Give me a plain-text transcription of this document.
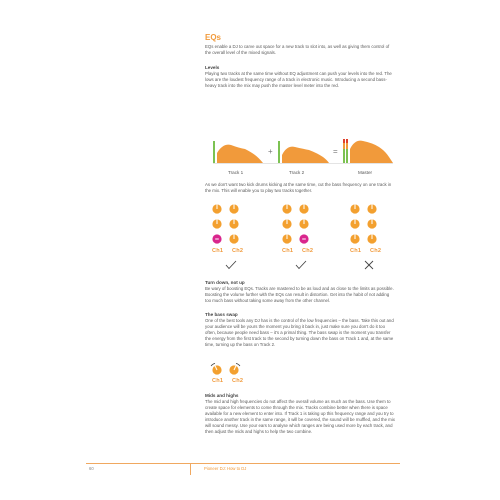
EQs

EQs enable a DJ to carve out space for a new track to slot into, as well as giving them control of the overall level of the mixed signals.

Levels

Playing two tracks at the same time without EQ adjustment can push your levels into the red. The lows are the loudest frequency range of a track in electronic music. Introducing a second bass-heavy track into the mix may push the master level meter into the red.

+	=
Track 1	Track 2	Master

As we don't want two kick drums kicking at the same time, cut the bass frequency on one track in the mix. This will enable you to play two tracks together.

Ch1 Ch2	Ch1 Ch2	Ch1 Ch2

Turn down, not up

Be wary of boosting EQs. Tracks are mastered to be as loud and as close to the limits as possible. Boosting the volume further with the EQs can result in distortion. Get into the habit of not adding too much bass without taking some away from the other channel.

The bass swap

One of the best tools any DJ has is the control of the low frequencies – the bass. Take this out and your audience will be yours the moment you bring it back in, just make sure you don't do it too often, because people need bass – it's a primal thing. The bass swap is the moment you transfer the energy from the first track to the second by turning down the bass on Track 1 and, at the same time, turning up the bass on Track 2.

Ch1 Ch2

Mids and highs

The mid and high frequencies do not affect the overall volume as much as the bass. Use them to create space for elements to come through the mix. Tracks combine better when there is space available for a new element to enter into. If Track 1 is taking up this frequency range and you try to introduce another track in the same range, it will be covered, the sound will be muffled, and the mix will sound messy. Use your ears to analyse which ranges are being used more by each track, and then adjust the mids and highs to help the two combine.

60	Pioneer DJ: How to DJ
